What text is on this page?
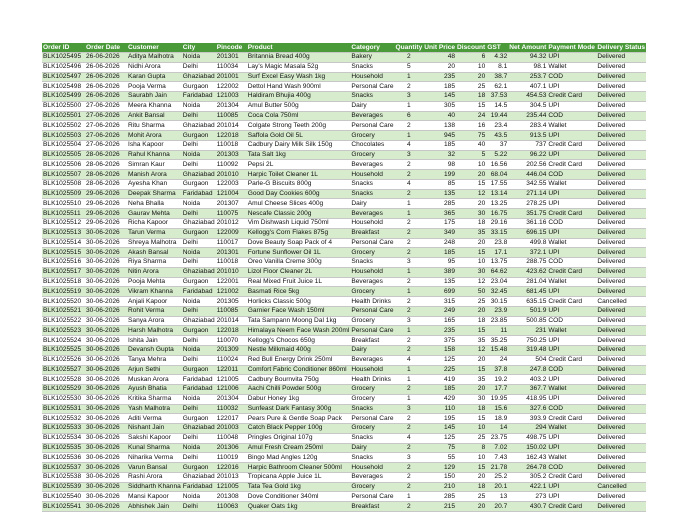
Order ID	Order Date	Customer	City	Pincode	Product	Category	Quantity	Unit Price	Discount	GST	Net Amount	Payment Mode	Delivery Status
BLK1025495	26-06-2026	Aditya Malhotra	Noida	201301	Britannia Bread 400g	Bakery	2	48	6	4.32	94.32	UPI	Delivered
BLK1025496	26-06-2026	Nidhi Arora	Delhi	110034	Lay's Magic Masala 52g	Snacks	5	20	10	8.1	98.1	Wallet	Delivered
BLK1025497	26-06-2026	Karan Gupta	Ghaziabad	201001	Surf Excel Easy Wash 1kg	Household	1	235	20	38.7	253.7	COD	Delivered
BLK1025498	26-06-2026	Pooja Verma	Gurgaon	122002	Dettol Hand Wash 900ml	Personal Care	2	185	25	62.1	407.1	UPI	Delivered
BLK1025499	26-06-2026	Saurabh Jain	Faridabad	121003	Haldiram Bhujia 400g	Snacks	3	145	18	37.53	454.53	Credit Card	Delivered
BLK1025500	27-06-2026	Meera Khanna	Noida	201304	Amul Butter 500g	Dairy	1	305	15	14.5	304.5	UPI	Delivered
BLK1025501	27-06-2026	Ankit Bansal	Delhi	110085	Coca Cola 750ml	Beverages	6	40	24	19.44	235.44	COD	Delivered
BLK1025502	27-06-2026	Ritu Sharma	Ghaziabad	201014	Colgate Strong Teeth 200g	Personal Care	2	138	16	23.4	283.4	Wallet	Delivered
BLK1025503	27-06-2026	Mohit Arora	Gurgaon	122018	Saffola Gold Oil 5L	Grocery	1	945	75	43.5	913.5	UPI	Delivered
BLK1025504	27-06-2026	Isha Kapoor	Delhi	110018	Cadbury Dairy Milk Silk 150g	Chocolates	4	185	40	37	737	Credit Card	Delivered
BLK1025505	28-06-2026	Rahul Khanna	Noida	201303	Tata Salt 1kg	Grocery	3	32	5	5.22	96.22	UPI	Delivered
BLK1025506	28-06-2026	Simran Kaur	Delhi	110092	Pepsi 2L	Beverages	2	98	10	16.56	202.56	Credit Card	Delivered
BLK1025507	28-06-2026	Manish Arora	Ghaziabad	201010	Harpic Toilet Cleaner 1L	Household	2	199	20	68.04	446.04	COD	Delivered
BLK1025508	28-06-2026	Ayesha Khan	Gurgaon	122003	Parle-G Biscuits 800g	Snacks	4	85	15	17.55	342.55	Wallet	Delivered
BLK1025509	29-06-2026	Deepak Sharma	Faridabad	121004	Good Day Cookies 600g	Snacks	2	135	12	13.14	271.14	UPI	Delivered
BLK1025510	29-06-2026	Neha Bhalla	Noida	201307	Amul Cheese Slices 400g	Dairy	1	285	20	13.25	278.25	UPI	Delivered
BLK1025511	29-06-2026	Gaurav Mehta	Delhi	110075	Nescafe Classic 200g	Beverages	1	365	30	16.75	351.75	Credit Card	Delivered
BLK1025512	29-06-2026	Richa Kapoor	Ghaziabad	201012	Vim Dishwash Liquid 750ml	Household	2	175	18	29.16	361.16	COD	Delivered
BLK1025513	30-06-2026	Tarun Verma	Gurgaon	122009	Kellogg's Corn Flakes 875g	Breakfast	2	349	35	33.15	696.15	UPI	Delivered
BLK1025514	30-06-2026	Shreya Malhotra	Delhi	110017	Dove Beauty Soap Pack of 4	Personal Care	2	248	20	23.8	499.8	Wallet	Delivered
BLK1025515	30-06-2026	Akash Bansal	Noida	201301	Fortune Sunflower Oil 1L	Grocery	2	185	15	17.1	372.1	UPI	Delivered
BLK1025516	30-06-2026	Riya Sharma	Delhi	110018	Oreo Vanilla Creme 300g	Snacks	3	95	10	13.75	288.75	COD	Delivered
BLK1025517	30-06-2026	Nitin Arora	Ghaziabad	201010	Lizol Floor Cleaner 2L	Household	1	389	30	64.62	423.62	Credit Card	Delivered
BLK1025518	30-06-2026	Pooja Mehta	Gurgaon	122001	Real Mixed Fruit Juice 1L	Beverages	2	135	12	23.04	281.04	Wallet	Delivered
BLK1025519	30-06-2026	Vikram Khanna	Faridabad	121002	Basmati Rice 5kg	Grocery	1	699	50	32.45	681.45	UPI	Delivered
BLK1025520	30-06-2026	Anjali Kapoor	Noida	201305	Horlicks Classic 500g	Health Drinks	2	315	25	30.15	635.15	Credit Card	Cancelled
BLK1025521	30-06-2026	Rohit Verma	Delhi	110085	Garnier Face Wash 150ml	Personal Care	2	249	20	23.9	501.9	UPI	Delivered
BLK1025522	30-06-2026	Sanya Arora	Ghaziabad	201014	Tata Sampann Moong Dal 1kg	Grocery	3	165	18	23.85	500.85	COD	Delivered
BLK1025523	30-06-2026	Harsh Malhotra	Gurgaon	122018	Himalaya Neem Face Wash 200ml	Personal Care	1	235	15	11	231	Wallet	Delivered
BLK1025524	30-06-2026	Ishita Jain	Delhi	110070	Kellogg's Chocos 650g	Breakfast	2	375	35	35.25	750.25	UPI	Delivered
BLK1025525	30-06-2026	Devansh Gupta	Noida	201309	Nestle Milkmaid 400g	Dairy	2	158	12	15.48	319.48	UPI	Delivered
BLK1025526	30-06-2026	Tanya Mehra	Delhi	110024	Red Bull Energy Drink 250ml	Beverages	4	125	20	24	504	Credit Card	Delivered
BLK1025527	30-06-2026	Arjun Sethi	Gurgaon	122011	Comfort Fabric Conditioner 860ml	Household	1	225	15	37.8	247.8	COD	Delivered
BLK1025528	30-06-2026	Muskan Arora	Faridabad	121005	Cadbury Bournvita 750g	Health Drinks	1	419	35	19.2	403.2	UPI	Delivered
BLK1025529	30-06-2026	Ayush Bhatia	Faridabad	121006	Aachi Chilli Powder 500g	Grocery	2	185	20	17.7	367.7	Wallet	Delivered
BLK1025530	30-06-2026	Kritika Sharma	Noida	201304	Dabur Honey 1kg	Grocery	1	429	30	19.95	418.95	UPI	Delivered
BLK1025531	30-06-2026	Yash Malhotra	Delhi	110032	Sunfeast Dark Fantasy 300g	Snacks	3	110	18	15.6	327.6	COD	Delivered
BLK1025532	30-06-2026	Aditi Verma	Gurgaon	122017	Pears Pure & Gentle Soap Pack	Personal Care	2	195	15	18.9	393.9	Credit Card	Delivered
BLK1025533	30-06-2026	Nishant Jain	Ghaziabad	201003	Catch Black Pepper 100g	Grocery	2	145	10	14	294	Wallet	Delivered
BLK1025534	30-06-2026	Sakshi Kapoor	Delhi	110048	Pringles Original 107g	Snacks	4	125	25	23.75	498.75	UPI	Delivered
BLK1025535	30-06-2026	Kunal Sharma	Noida	201306	Amul Fresh Cream 250ml	Dairy	2	75	8	7.02	150.02	UPI	Delivered
BLK1025536	30-06-2026	Niharika Verma	Delhi	110019	Bingo Mad Angles 120g	Snacks	3	55	10	7.43	162.43	Wallet	Delivered
BLK1025537	30-06-2026	Varun Bansal	Gurgaon	122016	Harpic Bathroom Cleaner 500ml	Household	2	129	15	21.78	264.78	COD	Delivered
BLK1025538	30-06-2026	Rashi Arora	Ghaziabad	201013	Tropicana Apple Juice 1L	Beverages	2	150	20	25.2	305.2	Credit Card	Delivered
BLK1025539	30-06-2026	Siddharth Khanna	Faridabad	121005	Tata Tea Gold 1kg	Grocery	2	210	18	20.1	422.1	UPI	Cancelled
BLK1025540	30-06-2026	Mansi Kapoor	Noida	201308	Dove Conditioner 340ml	Personal Care	1	285	25	13	273	UPI	Delivered
BLK1025541	30-06-2026	Abhishek Jain	Delhi	110063	Quaker Oats 1kg	Breakfast	2	215	20	20.7	430.7	Credit Card	Delivered
